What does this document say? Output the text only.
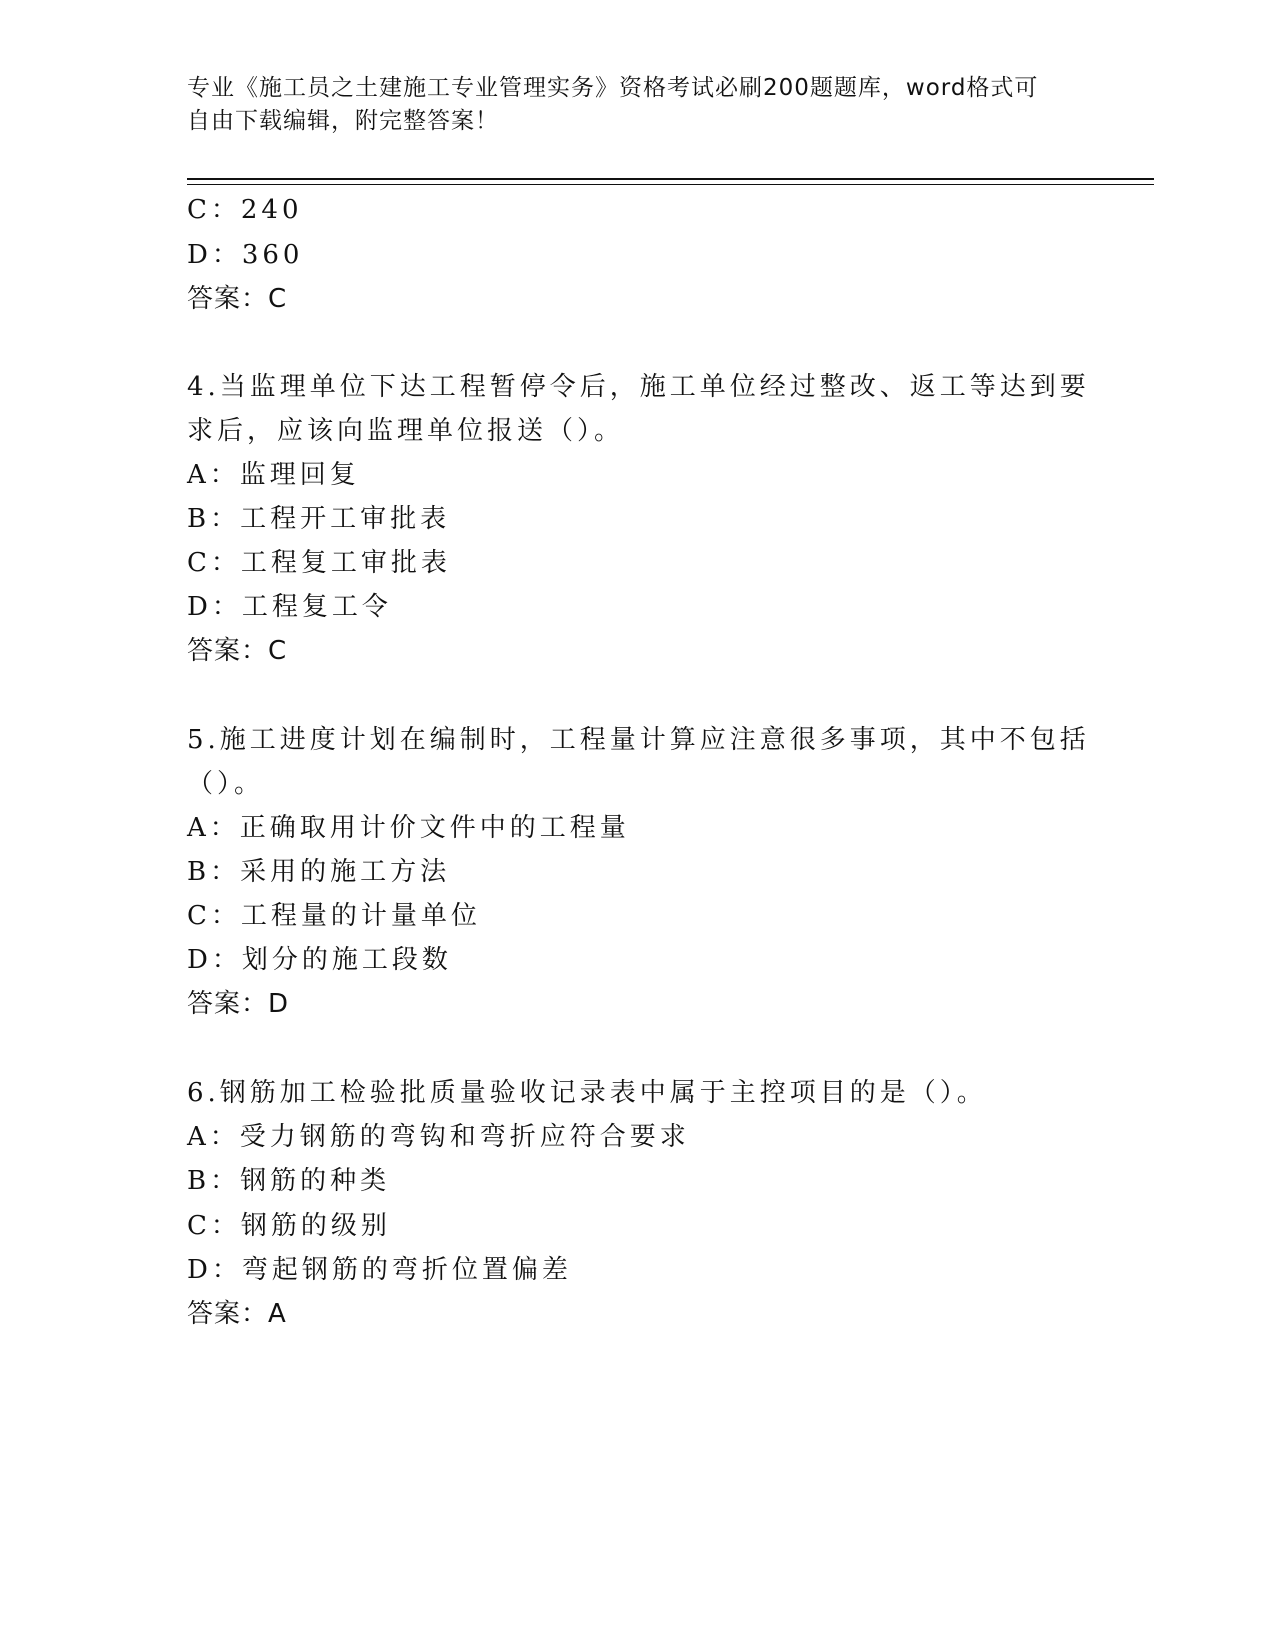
专业《施工员之土建施工专业管理实务》资格考试必刷200题题库，word格式可
自由下载编辑，附完整答案！
C：240
D：360
答案：C
4.当监理单位下达工程暂停令后，施工单位经过整改、返工等达到要
求后，应该向监理单位报送（）。
A：监理回复
B：工程开工审批表
C：工程复工审批表
D：工程复工令
答案：C
5.施工进度计划在编制时，工程量计算应注意很多事项，其中不包括
（）。
A：正确取用计价文件中的工程量
B：采用的施工方法
C：工程量的计量单位
D：划分的施工段数
答案：D
6.钢筋加工检验批质量验收记录表中属于主控项目的是（）。
A：受力钢筋的弯钩和弯折应符合要求
B：钢筋的种类
C：钢筋的级别
D：弯起钢筋的弯折位置偏差
答案：A
